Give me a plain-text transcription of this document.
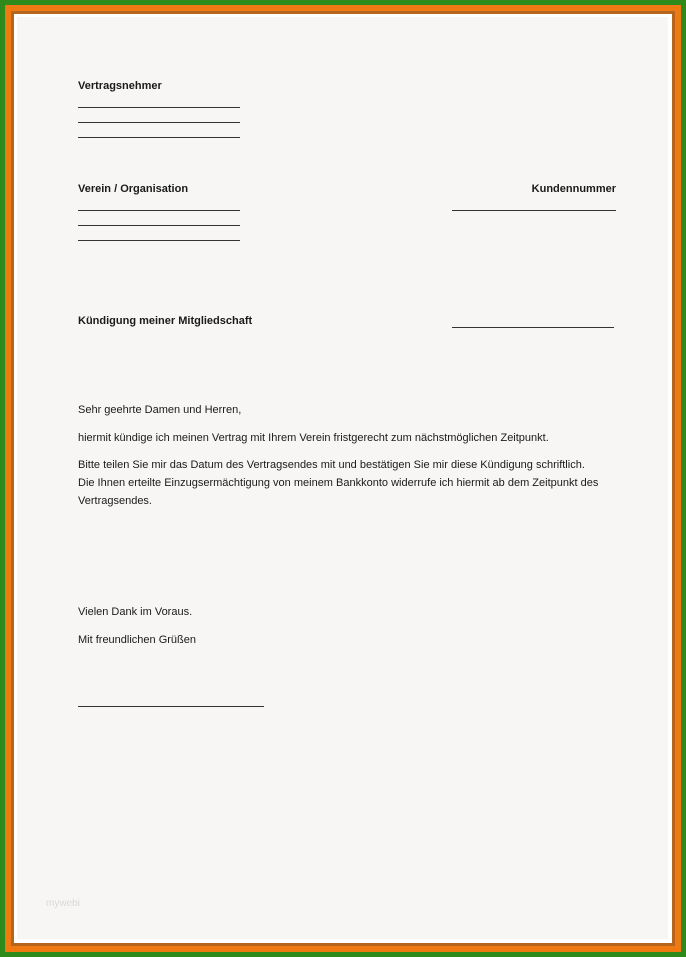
Vertragsnehmer
Verein / Organisation	Kundennummer
Kündigung meiner Mitgliedschaft
Sehr geehrte Damen und Herren,
hiermit kündige ich meinen Vertrag mit Ihrem Verein fristgerecht zum nächstmöglichen Zeitpunkt.
Bitte teilen Sie mir das Datum des Vertragsendes mit und bestätigen Sie mir diese Kündigung schriftlich.
Die Ihnen erteilte Einzugsermächtigung von meinem Bankkonto widerrufe ich hiermit ab dem Zeitpunkt des
Vertragsendes.
Vielen Dank im Voraus.
Mit freundlichen Grüßen
mywebi
